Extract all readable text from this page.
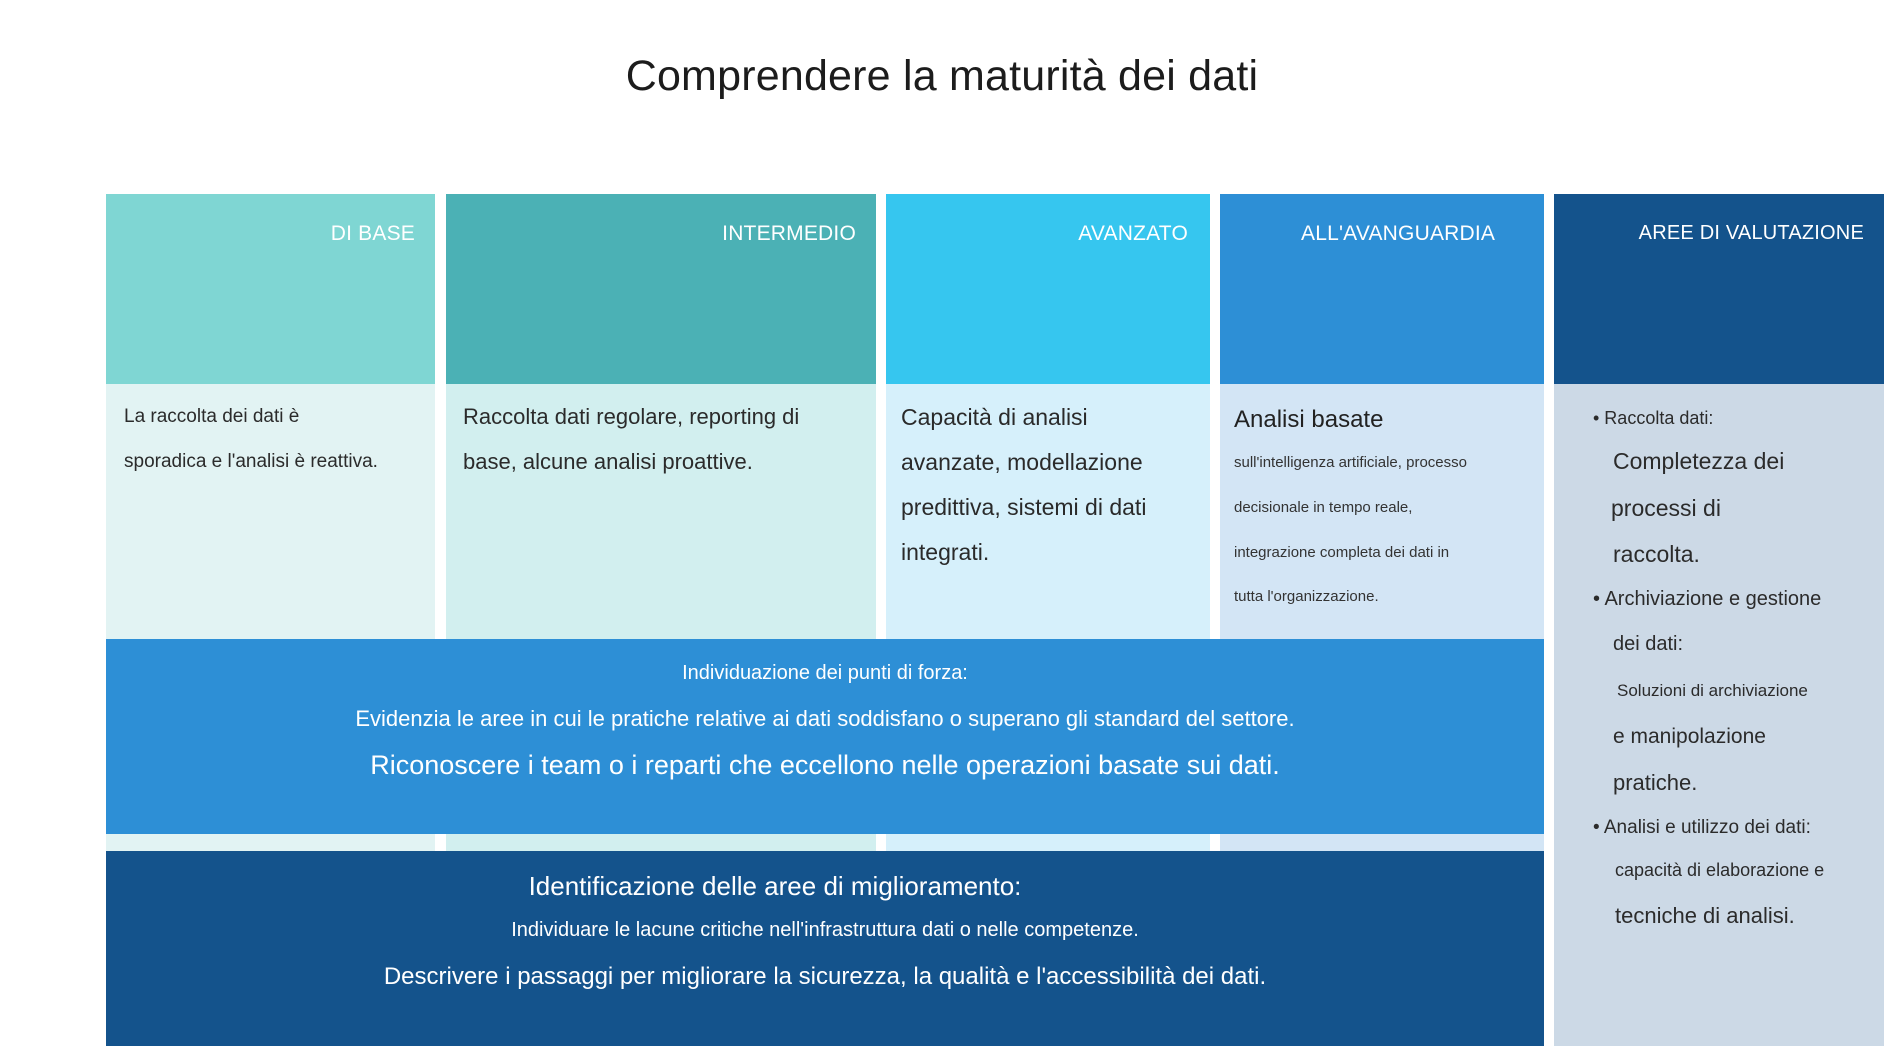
Comprendere la maturità dei dati
DI BASE
La raccolta dei dati è
sporadica e l'analisi è reattiva.
INTERMEDIO
Raccolta dati regolare, reporting di
base, alcune analisi proattive.
AVANZATO
Capacità di analisi
avanzate, modellazione
predittiva, sistemi di dati
integrati.
ALL'AVANGUARDIA
Analisi basate
sull'intelligenza artificiale, processo
decisionale in tempo reale,
integrazione completa dei dati in
tutta l'organizzazione.
AREE DI VALUTAZIONE
• Raccolta dati:
Completezza dei
processi di
raccolta.
• Archiviazione e gestione
dei dati:
Soluzioni di archiviazione
e manipolazione
pratiche.
• Analisi e utilizzo dei dati:
capacità di elaborazione e
tecniche di analisi.
Individuazione dei punti di forza:
Evidenzia le aree in cui le pratiche relative ai dati soddisfano o superano gli standard del settore.
Riconoscere i team o i reparti che eccellono nelle operazioni basate sui dati.
Identificazione delle aree di miglioramento:
Individuare le lacune critiche nell'infrastruttura dati o nelle competenze.
Descrivere i passaggi per migliorare la sicurezza, la qualità e l'accessibilità dei dati.
